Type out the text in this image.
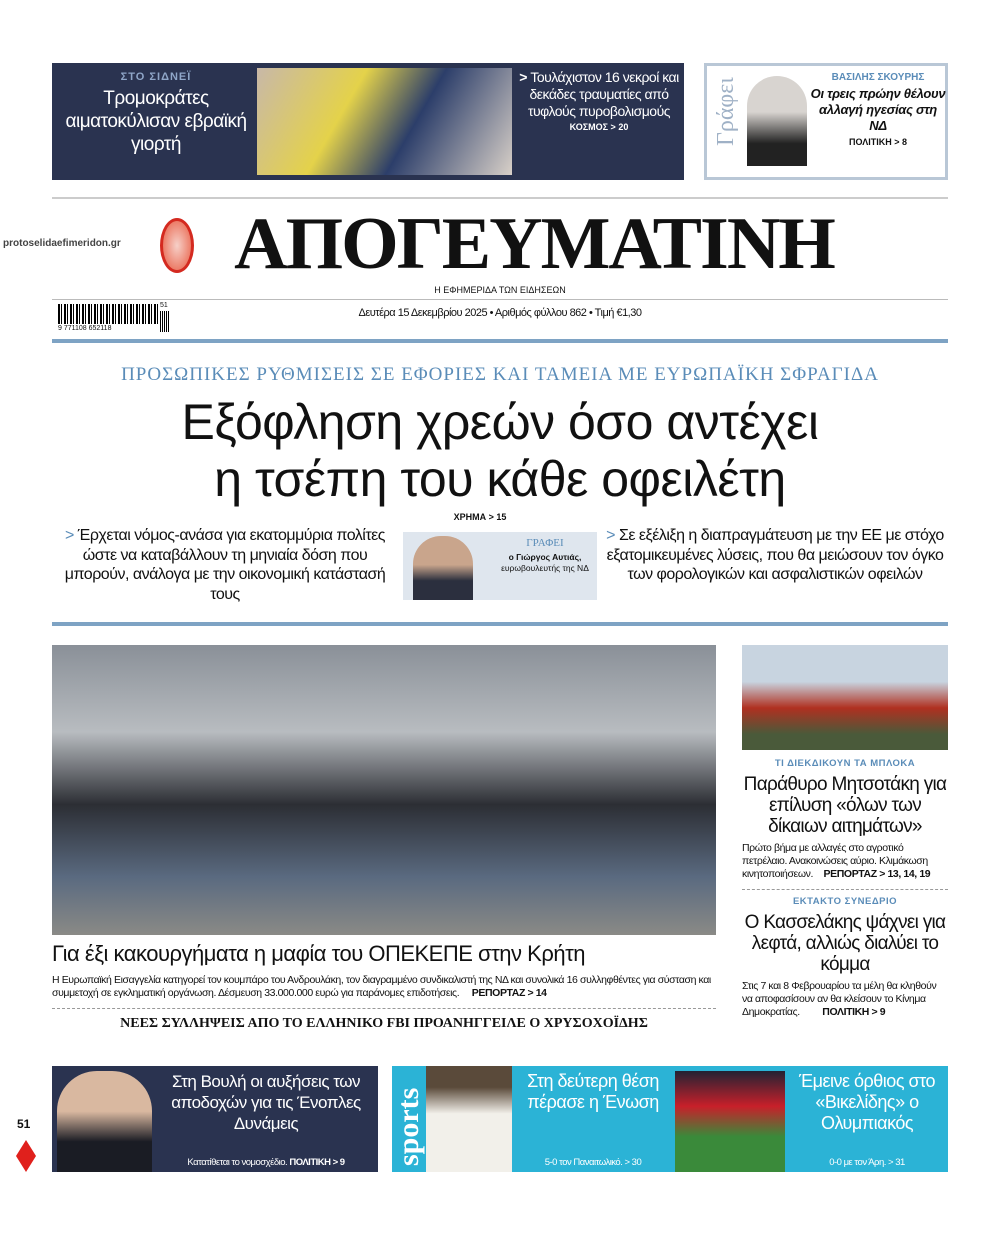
ΣΤΟ ΣΙΔΝΕΪ
Τρομοκράτες αιματοκύλισαν εβραϊκή γιορτή
> Τουλάχιστον 16 νεκροί και δεκάδες τραυματίες από τυφλούς πυροβολισμούς
ΚΟΣΜΟΣ > 20	Γράφει	ΒΑΣΙΛΗΣ ΣΚΟΥΡΗΣ
Οι τρεις πρώην θέλουν αλλαγή ηγεσίας στη ΝΔ
ΠΟΛΙΤΙΚΗ > 8
protoselidaefimeridon.gr	ΑΠΟΓΕΥΜΑΤΙΝΗ
Η ΕΦΗΜΕΡΙΔΑ ΤΩΝ ΕΙΔΗΣΕΩΝ
51
9 771108 652118
Δευτέρα 15 Δεκεμβρίου 2025 • Αριθμός φύλλου 862 • Τιμή €1,30
ΠΡΟΣΩΠΙΚΕΣ ΡΥΘΜΙΣΕΙΣ ΣΕ ΕΦΟΡΙΕΣ ΚΑΙ ΤΑΜΕΙΑ ΜΕ ΕΥΡΩΠΑΪΚΗ ΣΦΡΑΓΙΔΑ
Εξόφληση χρεών όσο αντέχει
η τσέπη του κάθε οφειλέτη
ΧΡΗΜΑ > 15
> Έρχεται νόμος-ανάσα για εκατομμύρια πολίτες ώστε να καταβάλλουν τη μηνιαία δόση που μπορούν, ανάλογα με την οικονομική κατάστασή τους
ΓΡΑΦΕΙ
ο Γιώργος Αυτιάς,
ευρωβουλευτής της ΝΔ
> Σε εξέλιξη η διαπραγμάτευση με την ΕΕ με στόχο εξατομικευμένες λύσεις, που θα μειώσουν τον όγκο των φορολογικών και ασφαλιστικών οφειλών
Για έξι κακουργήματα η μαφία του ΟΠΕΚΕΠΕ στην Κρήτη
Η Ευρωπαϊκή Εισαγγελία κατηγορεί τον κουμπάρο του Ανδρουλάκη, τον διαγραμμένο συνδικαλιστή της ΝΔ και συνολικά 16 συλληφθέντες για σύσταση και συμμετοχή σε εγκληματική οργάνωση. Δέσμευση 33.000.000 ευρώ για παράνομες επιδοτήσεις. ΡΕΠΟΡΤΑΖ > 14
ΝΕΕΣ ΣΥΛΛΗΨΕΙΣ ΑΠΟ ΤΟ ΕΛΛΗΝΙΚΟ FBI ΠΡΟΑΝΗΓΓΕΙΛΕ Ο ΧΡΥΣΟΧΟΪΔΗΣ
ΤΙ ΔΙΕΚΔΙΚΟΥΝ ΤΑ ΜΠΛΟΚΑ
Παράθυρο Μητσοτάκη για επίλυση «όλων των δίκαιων αιτημάτων»
Πρώτο βήμα με αλλαγές στο αγροτικό πετρέλαιο. Ανακοινώσεις αύριο. Κλιμάκωση κινητοποιήσεων. ΡΕΠΟΡΤΑΖ > 13, 14, 19
ΕΚΤΑΚΤΟ ΣΥΝΕΔΡΙΟ
Ο Κασσελάκης ψάχνει για λεφτά, αλλιώς διαλύει το κόμμα
Στις 7 και 8 Φεβρουαρίου τα μέλη θα κληθούν να αποφασίσουν αν θα κλείσουν το Κίνημα Δημοκρατίας. ΠΟΛΙΤΙΚΗ > 9
51
Στη Βουλή οι αυξήσεις των αποδοχών για τις Ένοπλες Δυνάμεις
Κατατίθεται το νομοσχέδιο. ΠΟΛΙΤΙΚΗ > 9 sports
Στη δεύτερη θέση πέρασε η Ένωση
5-0 τον Παναιτωλικό. > 30
Έμεινε όρθιος στο «Βικελίδης» ο Ολυμπιακός
0-0 με τον Άρη. > 31
